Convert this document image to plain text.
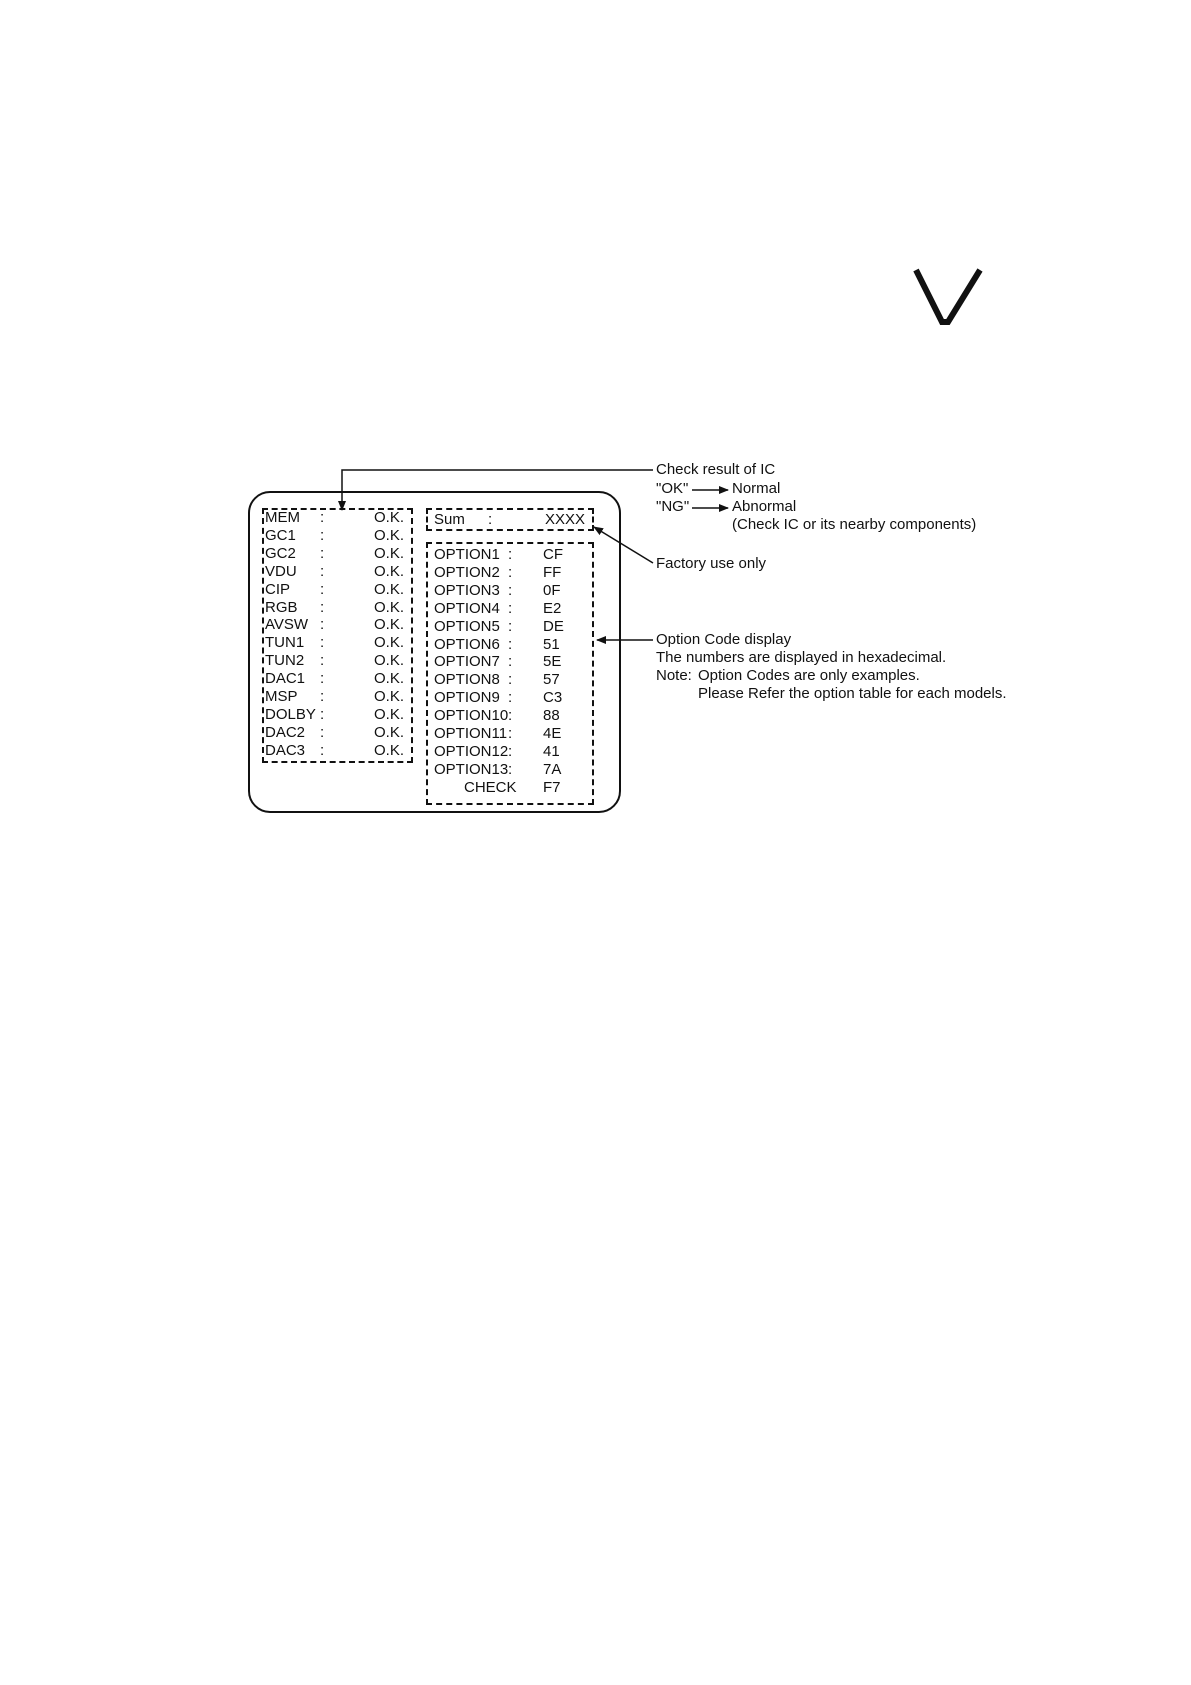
MEM :	O.K.
GC1 :	O.K.
GC2 :	O.K.
VDU :	O.K.
CIP :	O.K.
RGB :	O.K.
AVSW :	O.K.
TUN1 :	O.K.
TUN2 :	O.K.
DAC1 :	O.K.
MSP :	O.K.
DOLBY :	O.K.
DAC2 :	O.K.
DAC3 :	O.K.
Sum :	XXXX
OPTION1 : CF
OPTION2 : FF
OPTION3 : 0F
OPTION4 : E2
OPTION5 : DE
OPTION6 : 51
OPTION7 : 5E
OPTION8 : 57
OPTION9 : C3
OPTION10 : 88
OPTION11 : 4E
OPTION12 : 41
OPTION13 : 7A
CHECK F7
Check result of IC
"OK"	Normal
"NG"	Abnormal
(Check IC or its nearby components)
Factory use only
Option Code display
The numbers are displayed in hexadecimal.
Note: Option Codes are only examples.
Please Refer the option table for each models.
